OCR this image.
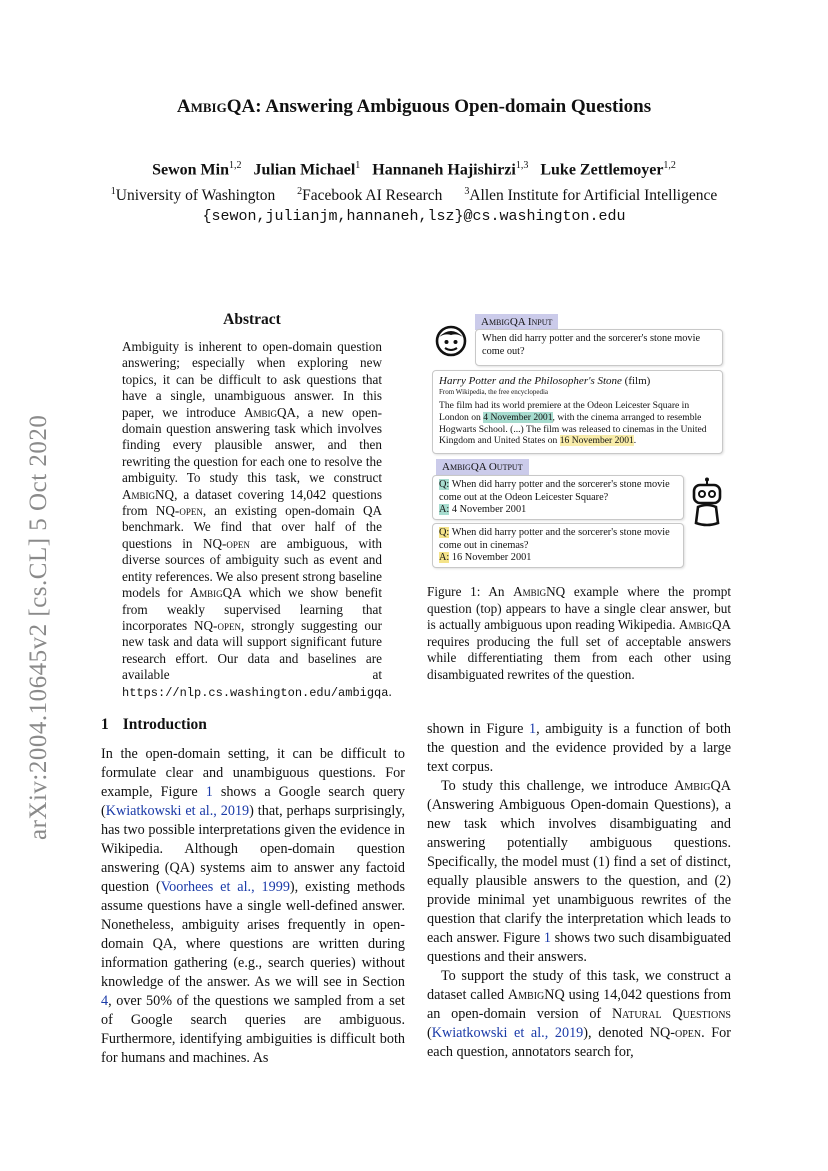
arXiv:2004.10645v2 [cs.CL] 5 Oct 2020
AmbigQA: Answering Ambiguous Open-domain Questions
Sewon Min$^{1,2}$ Julian Michael$^1$ Hannaneh Hajishirzi$^{1,3}$ Luke Zettlemoyer$^{1,2}$
$^1$University of Washington $^2$Facebook AI Research $^3$Allen Institute for Artificial Intelligence
{sewon,julianjm,hannaneh,lsz}@cs.washington.edu
Abstract
Ambiguity is inherent to open-domain question answering; especially when exploring new topics, it can be difficult to ask questions that have a single, unambiguous answer. In this paper, we introduce AmbigQA, a new open-domain question answering task which involves finding every plausible answer, and then rewriting the question for each one to resolve the ambiguity. To study this task, we construct AmbigNQ, a dataset covering 14,042 questions from NQ-open, an existing open-domain QA benchmark. We find that over half of the questions in NQ-open are ambiguous, with diverse sources of ambiguity such as event and entity references. We also present strong baseline models for AmbigQA which we show benefit from weakly supervised learning that incorporates NQ-open, strongly suggesting our new task and data will support significant future research effort. Our data and baselines are available at https://nlp.cs.washington.edu/ambigqa.
AmbigQA Input
When did harry potter and the sorcerer's stone movie come out?
Harry Potter and the Philosopher's Stone (film)
From Wikipedia, the free encyclopedia
The film had its world premiere at the Odeon Leicester Square in London on 4 November 2001, with the cinema arranged to resemble Hogwarts School. (...) The film was released to cinemas in the United Kingdom and United States on 16 November 2001.
AmbigQA Output
Q: When did harry potter and the sorcerer's stone movie come out at the Odeon Leicester Square?
A: 4 November 2001
Q: When did harry potter and the sorcerer's stone movie come out in cinemas?
A: 16 November 2001
Figure 1: An AmbigNQ example where the prompt question (top) appears to have a single clear answer, but is actually ambiguous upon reading Wikipedia. AmbigQA requires producing the full set of acceptable answers while differentiating them from each other using disambiguated rewrites of the question.
1 Introduction
In the open-domain setting, it can be difficult to formulate clear and unambiguous questions. For example, Figure 1 shows a Google search query (Kwiatkowski et al., 2019) that, perhaps surprisingly, has two possible interpretations given the evidence in Wikipedia. Although open-domain question answering (QA) systems aim to answer any factoid question (Voorhees et al., 1999), existing methods assume questions have a single well-defined answer. Nonetheless, ambiguity arises frequently in open-domain QA, where questions are written during information gathering (e.g., search queries) without knowledge of the answer. As we will see in Section 4, over 50% of the questions we sampled from a set of Google search queries are ambiguous. Furthermore, identifying ambiguities is difficult both for humans and machines. As

shown in Figure 1, ambiguity is a function of both the question and the evidence provided by a large text corpus.

To study this challenge, we introduce AmbigQA (Answering Ambiguous Open-domain Questions), a new task which involves disambiguating and answering potentially ambiguous questions. Specifically, the model must (1) find a set of distinct, equally plausible answers to the question, and (2) provide minimal yet unambiguous rewrites of the question that clarify the interpretation which leads to each answer. Figure 1 shows two such disambiguated questions and their answers.

To support the study of this task, we construct a dataset called AmbigNQ using 14,042 questions from an open-domain version of Natural Questions (Kwiatkowski et al., 2019), denoted NQ-open. For each question, annotators search for,
